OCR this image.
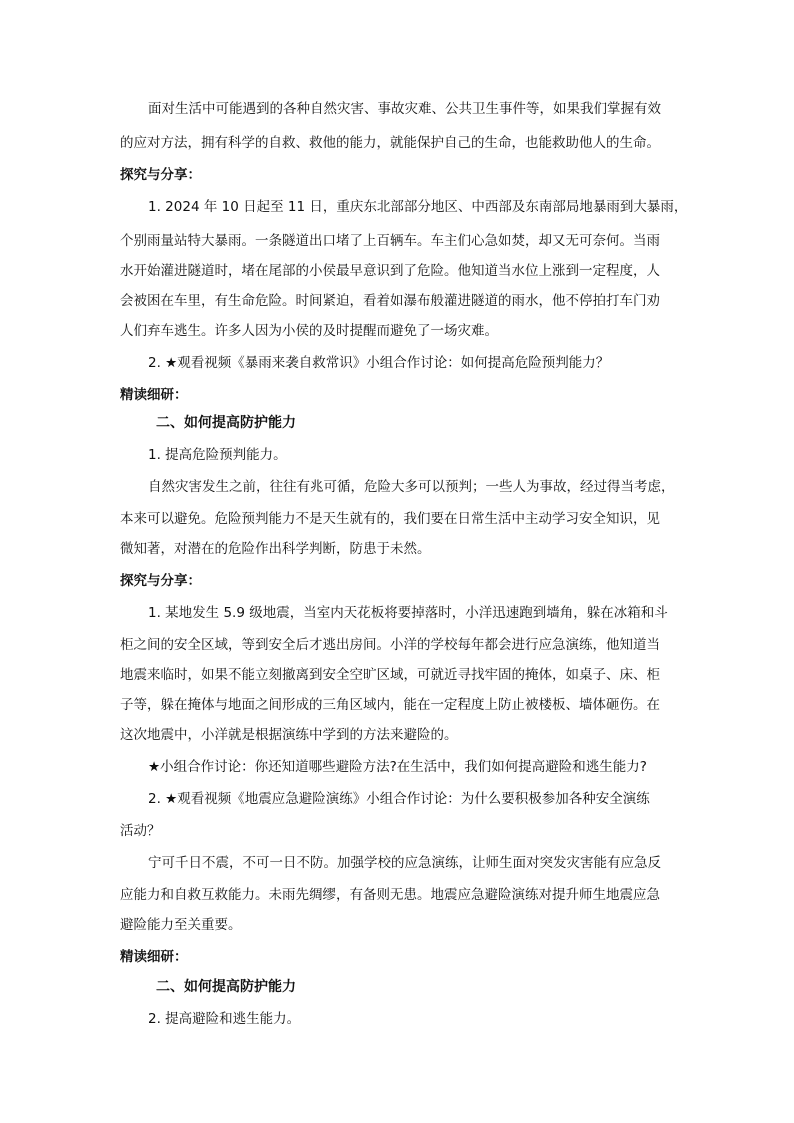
面对生活中可能遇到的各种自然灾害、事故灾难、公共卫生事件等，如果我们掌握有效
的应对方法，拥有科学的自救、救他的能力，就能保护自己的生命，也能救助他人的生命。
探究与分享：
1. 2024 年 10 日起至 11 日，重庆东北部部分地区、中西部及东南部局地暴雨到大暴雨，
个别雨量站特大暴雨。一条隧道出口堵了上百辆车。车主们心急如焚，却又无可奈何。当雨
水开始灌进隧道时，堵在尾部的小侯最早意识到了危险。他知道当水位上涨到一定程度，人
会被困在车里，有生命危险。时间紧迫，看着如瀑布般灌进隧道的雨水，他不停拍打车门劝
人们弃车逃生。许多人因为小侯的及时提醒而避免了一场灾难。
2. ★观看视频《暴雨来袭自救常识》小组合作讨论：如何提高危险预判能力？
精读细研：
二、如何提高防护能力
1. 提高危险预判能力。
自然灾害发生之前，往往有兆可循，危险大多可以预判；一些人为事故，经过得当考虑，
本来可以避免。危险预判能力不是天生就有的，我们要在日常生活中主动学习安全知识，见
微知著，对潜在的危险作出科学判断，防患于未然。
探究与分享：
1. 某地发生 5.9 级地震，当室内天花板将要掉落时，小洋迅速跑到墙角，躲在冰箱和斗
柜之间的安全区域，等到安全后才逃出房间。小洋的学校每年都会进行应急演练，他知道当
地震来临时，如果不能立刻撤离到安全空旷区域，可就近寻找牢固的掩体，如桌子、床、柜
子等，躲在掩体与地面之间形成的三角区域内，能在一定程度上防止被楼板、墙体砸伤。在
这次地震中，小洋就是根据演练中学到的方法来避险的。
★小组合作讨论：你还知道哪些避险方法?在生活中，我们如何提高避险和逃生能力?
2. ★观看视频《地震应急避险演练》小组合作讨论：为什么要积极参加各种安全演练
活动？
宁可千日不震，不可一日不防。加强学校的应急演练，让师生面对突发灾害能有应急反
应能力和自救互救能力。未雨先绸缪，有备则无患。地震应急避险演练对提升师生地震应急
避险能力至关重要。
精读细研：
二、如何提高防护能力
2. 提高避险和逃生能力。
